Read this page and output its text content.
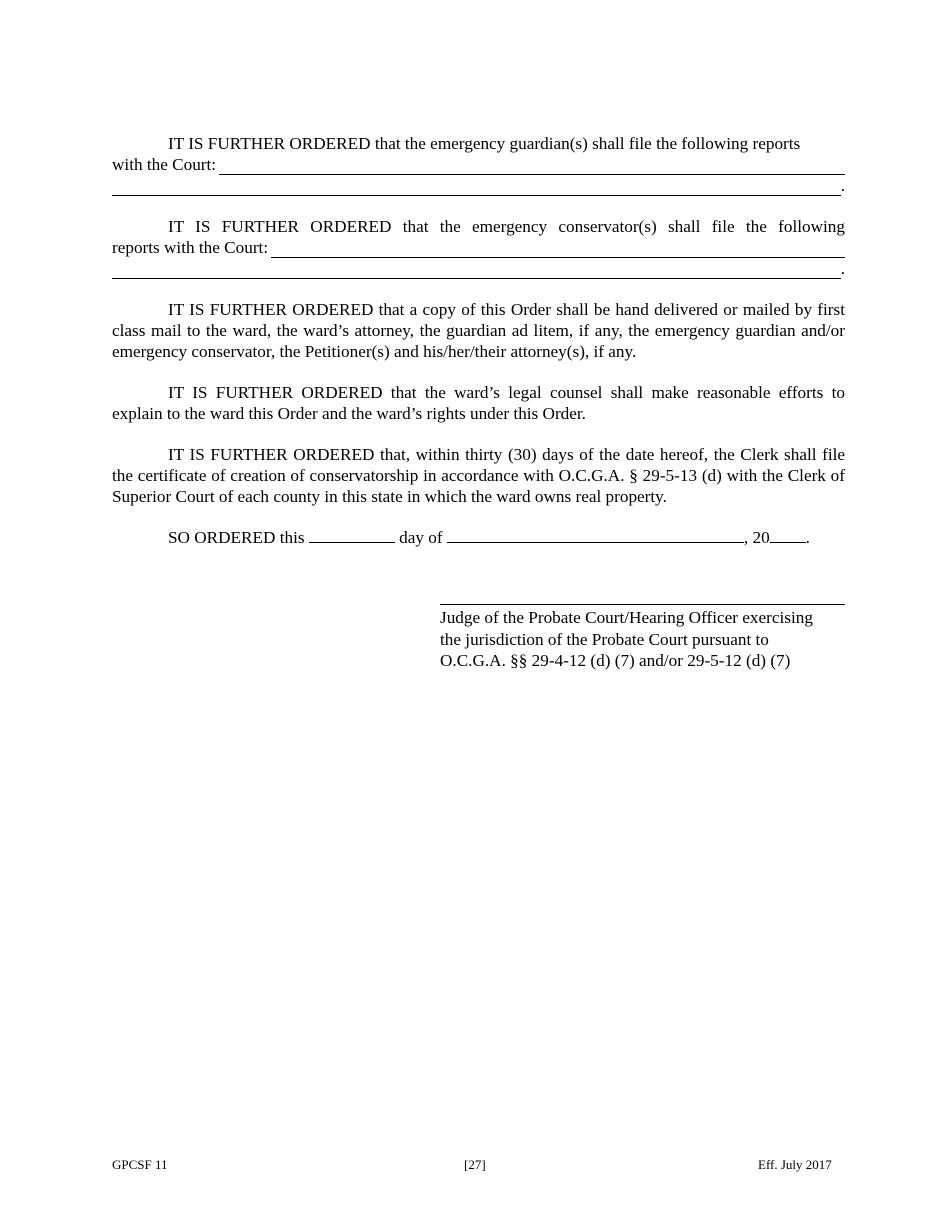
IT IS FURTHER ORDERED that the emergency guardian(s) shall file the following reports
with the Court:
.
IT IS FURTHER ORDERED that the emergency conservator(s) shall file the following
reports with the Court:
.

IT IS FURTHER ORDERED that a copy of this Order shall be hand delivered or mailed by first class mail to the ward, the ward’s attorney, the guardian ad litem, if any, the emergency guardian and/or emergency conservator, the Petitioner(s) and his/her/their attorney(s), if any.

IT IS FURTHER ORDERED that the ward’s legal counsel shall make reasonable efforts to explain to the ward this Order and the ward’s rights under this Order.

IT IS FURTHER ORDERED that, within thirty (30) days of the date hereof, the Clerk shall file the certificate of creation of conservatorship in accordance with O.C.G.A. § 29-5-13 (d) with the Clerk of Superior Court of each county in this state in which the ward owns real property.

SO ORDERED this	day of	, 20 .
Judge of the Probate Court/Hearing Officer exercising
the jurisdiction of the Probate Court pursuant to
O.C.G.A. §§ 29-4-12 (d) (7) and/or 29-5-12 (d) (7)
GPCSF 11	[27]	Eff. July 2017
